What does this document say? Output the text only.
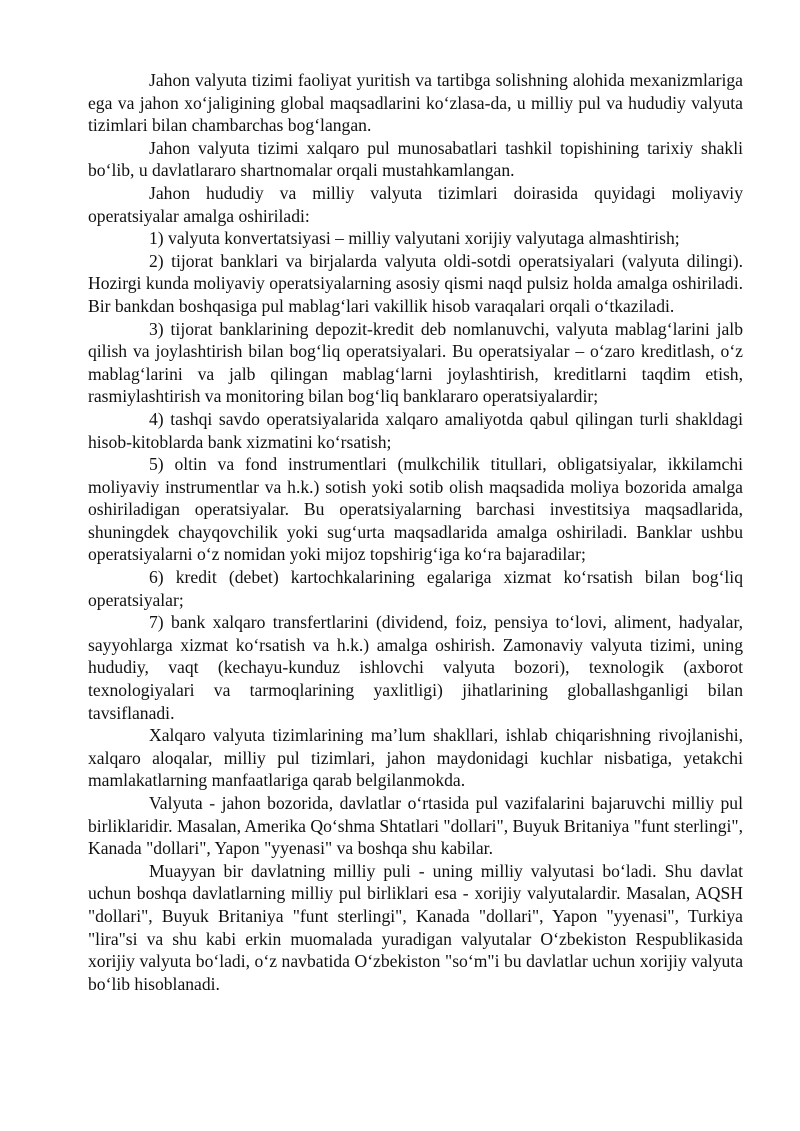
Jahon valyuta tizimi faoliyat yuritish va tartibga solishning alohida mexanizmlariga ega va jahon xo‘jaligining global maqsadlarini ko‘zlasa-da, u milliy pul va hududiy valyuta tizimlari bilan chambarchas bog‘langan.

Jahon valyuta tizimi xalqaro pul munosabatlari tashkil topishining tarixiy shakli bo‘lib, u davlatlararo shartnomalar orqali mustahkamlangan.

Jahon hududiy va milliy valyuta tizimlari doirasida quyidagi moliyaviy operatsiyalar amalga oshiriladi:

1) valyuta konvertatsiyasi – milliy valyutani xorijiy valyutaga almashtirish;

2) tijorat banklari va birjalarda valyuta oldi-sotdi operatsiyalari (valyuta dilingi). Hozirgi kunda moliyaviy operatsiyalarning asosiy qismi naqd pulsiz holda amalga oshiriladi. Bir bankdan boshqasiga pul mablag‘lari vakillik hisob varaqalari orqali o‘tkaziladi.

3) tijorat banklarining depozit-kredit deb nomlanuvchi, valyuta mablag‘larini jalb qilish va joylashtirish bilan bog‘liq operatsiyalari. Bu operatsiyalar – o‘zaro kreditlash, o‘z mablag‘larini va jalb qilingan mablag‘larni joylashtirish, kreditlarni taqdim etish, rasmiylashtirish va monitoring bilan bog‘liq banklararo operatsiyalardir;

4) tashqi savdo operatsiyalarida xalqaro amaliyotda qabul qilingan turli shakldagi hisob-kitoblarda bank xizmatini ko‘rsatish;

5) oltin va fond instrumentlari (mulkchilik titullari, obligatsiyalar, ikkilamchi moliyaviy instrumentlar va h.k.) sotish yoki sotib olish maqsadida moliya bozorida amalga oshiriladigan operatsiyalar. Bu operatsiyalarning barchasi investitsiya maqsadlarida, shuningdek chayqovchilik yoki sug‘urta maqsadlarida amalga oshiriladi. Banklar ushbu operatsiyalarni o‘z nomidan yoki mijoz topshirig‘iga ko‘ra bajaradilar;

6) kredit (debet) kartochkalarining egalariga xizmat ko‘rsatish bilan bog‘liq operatsiyalar;

7) bank xalqaro transfertlarini (dividend, foiz, pensiya to‘lovi, aliment, hadyalar, sayyohlarga xizmat ko‘rsatish va h.k.) amalga oshirish. Zamonaviy valyuta tizimi, uning hududiy, vaqt (kechayu-kunduz ishlovchi valyuta bozori), texnologik (axborot texnologiyalari va tarmoqlarining yaxlitligi) jihatlarining globallashganligi bilan tavsiflanadi.

Xalqaro valyuta tizimlarining ma’lum shakllari, ishlab chiqarishning rivojlanishi, xalqaro aloqalar, milliy pul tizimlari, jahon maydonidagi kuchlar nisbatiga, yetakchi mamlakatlarning manfaatlariga qarab belgilanmokda.

Valyuta - jahon bozorida, davlatlar o‘rtasida pul vazifalarini bajaruvchi milliy pul birliklaridir. Masalan, Amerika Qo‘shma Shtatlari "dollari", Buyuk Britaniya "funt sterlingi", Kanada "dollari", Yapon "yyenasi" va boshqa shu kabilar.

Muayyan bir davlatning milliy puli - uning milliy valyutasi bo‘ladi. Shu davlat uchun boshqa davlatlarning milliy pul birliklari esa - xorijiy valyutalardir. Masalan, AQSH "dollari", Buyuk Britaniya "funt sterlingi", Kanada "dollari", Yapon "yyenasi", Turkiya "lira"si va shu kabi erkin muomalada yuradigan valyutalar O‘zbekiston Respublikasida xorijiy valyuta bo‘ladi, o‘z navbatida O‘zbekiston "so‘m"i bu davlatlar uchun xorijiy valyuta bo‘lib hisoblanadi.
